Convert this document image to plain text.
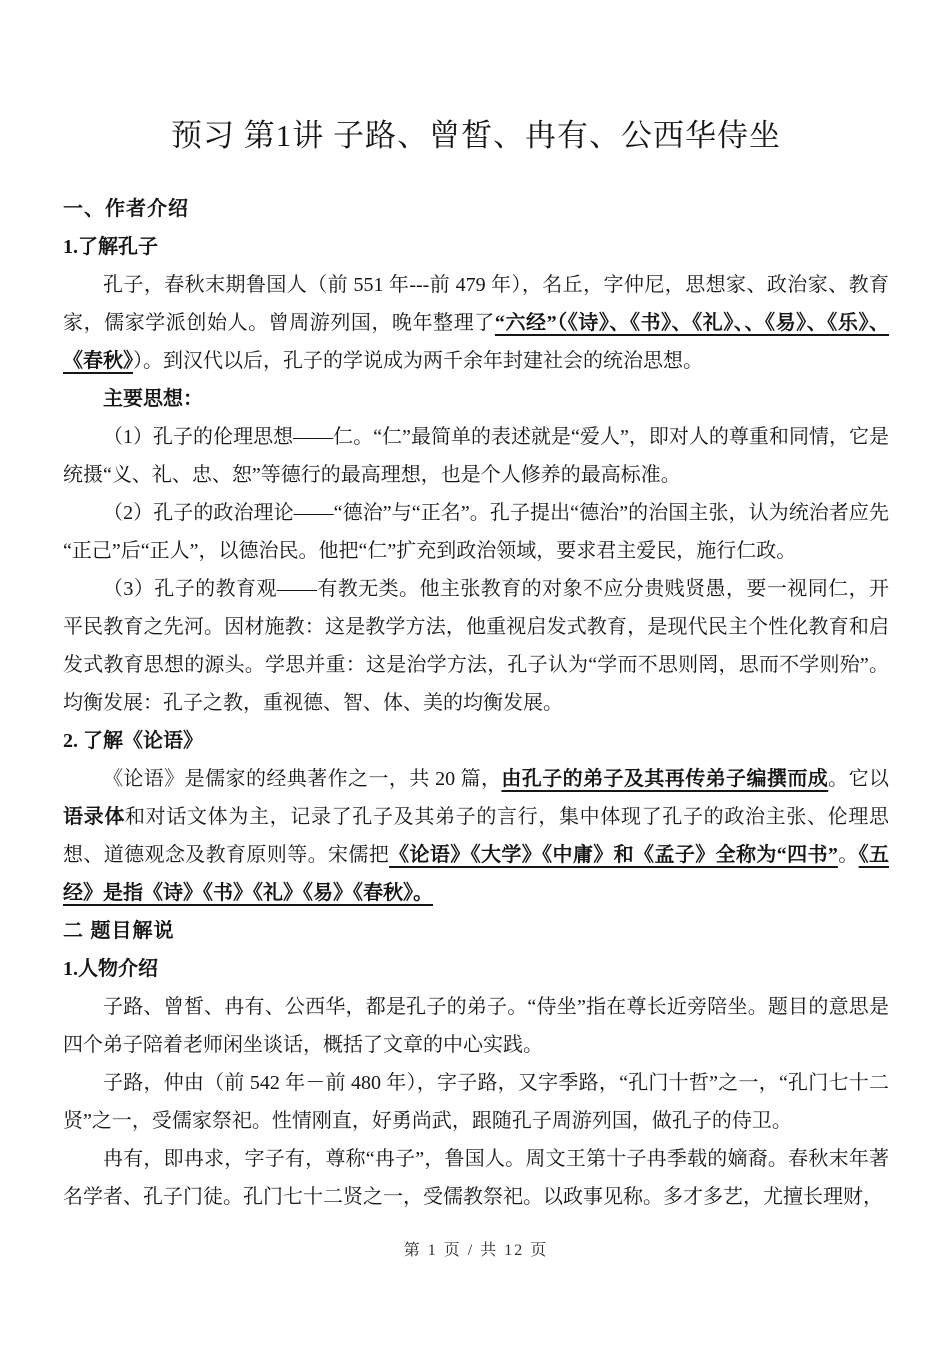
预习 第1讲 子路、曾皙、冉有、公西华侍坐
一、作者介绍
1.了解孔子

孔子，春秋末期鲁国人（前 551 年---前 479 年），名丘，字仲尼，思想家、政治家、教育家，儒家学派创始人。曾周游列国，晚年整理了“六经”（《诗》、《书》、《礼》、、《易》、《乐》、《春秋》）。到汉代以后，孔子的学说成为两千余年封建社会的统治思想。

主要思想：

（1）孔子的伦理思想——仁。“仁”最简单的表述就是“爱人”，即对人的尊重和同情，它是统摄“义、礼、忠、恕”等德行的最高理想，也是个人修养的最高标准。

（2）孔子的政治理论——“德治”与“正名”。孔子提出“德治”的治国主张，认为统治者应先“正己”后“正人”，以德治民。他把“仁”扩充到政治领域，要求君主爱民，施行仁政。

（3）孔子的教育观——有教无类。他主张教育的对象不应分贵贱贤愚，要一视同仁，开平民教育之先河。因材施教：这是教学方法，他重视启发式教育，是现代民主个性化教育和启发式教育思想的源头。学思并重：这是治学方法，孔子认为“学而不思则罔，思而不学则殆”。均衡发展：孔子之教，重视德、智、体、美的均衡发展。

2. 了解《论语》

《论语》是儒家的经典著作之一，共 20 篇，由孔子的弟子及其再传弟子编撰而成。它以语录体和对话文体为主，记录了孔子及其弟子的言行，集中体现了孔子的政治主张、伦理思想、道德观念及教育原则等。宋儒把《论语》《大学》《中庸》和《孟子》全称为“四书”。《五经》是指《诗》《书》《礼》《易》《春秋》。

二 题目解说
1.人物介绍

子路、曾皙、冉有、公西华，都是孔子的弟子。“侍坐”指在尊长近旁陪坐。题目的意思是四个弟子陪着老师闲坐谈话，概括了文章的中心实践。

子路，仲由（前 542 年－前 480 年），字子路，又字季路，“孔门十哲”之一，“孔门七十二贤”之一，受儒家祭祀。性情刚直，好勇尚武，跟随孔子周游列国，做孔子的侍卫。

冉有，即冉求，字子有，尊称“冉子”，鲁国人。周文王第十子冉季载的嫡裔。春秋末年著名学者、孔子门徒。孔门七十二贤之一，受儒教祭祀。以政事见称。多才多艺，尤擅长理财，

第 1 页 / 共 12 页
